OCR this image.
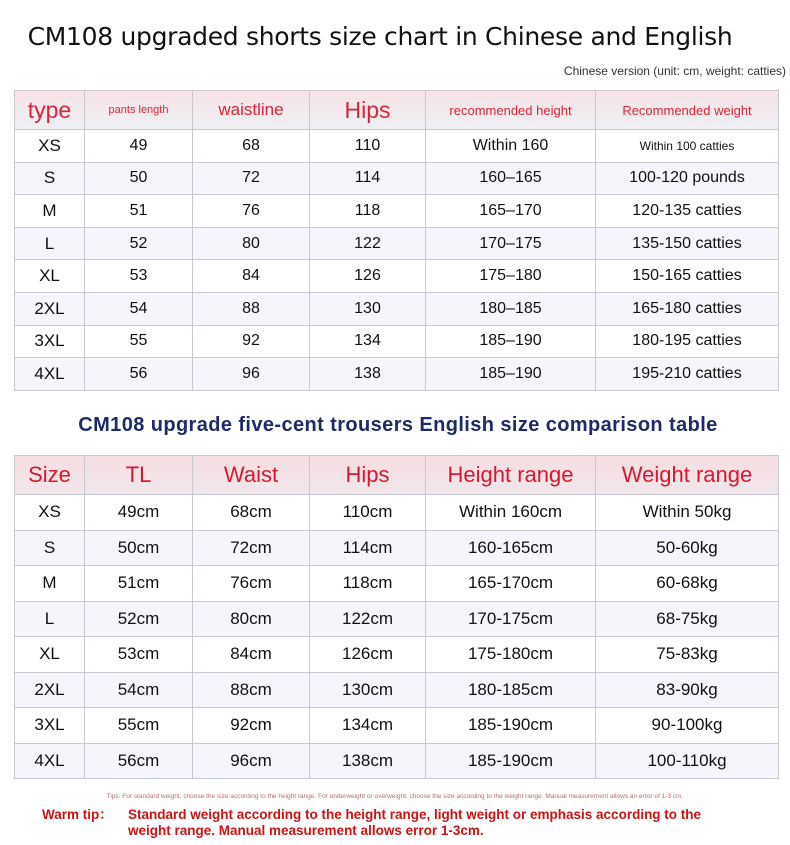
CM108 upgraded shorts size chart in Chinese and English
Chinese version (unit: cm, weight: catties)
type	pants length	waistline	Hips	recommended height	Recommended weight
XS	49	68	110	Within 160	Within 100 catties
S	50	72	114	160–165	100-120 pounds
M	51	76	118	165–170	120-135 catties
L	52	80	122	170–175	135-150 catties
XL	53	84	126	175–180	150-165 catties
2XL	54	88	130	180–185	165-180 catties
3XL	55	92	134	185–190	180-195 catties
4XL	56	96	138	185–190	195-210 catties
CM108 upgrade five-cent trousers English size comparison table
Size	TL	Waist	Hips	Height range	Weight range
XS	49cm	68cm	110cm	Within 160cm	Within 50kg
S	50cm	72cm	114cm	160-165cm	50-60kg
M	51cm	76cm	118cm	165-170cm	60-68kg
L	52cm	80cm	122cm	170-175cm	68-75kg
XL	53cm	84cm	126cm	175-180cm	75-83kg
2XL	54cm	88cm	130cm	180-185cm	83-90kg
3XL	55cm	92cm	134cm	185-190cm	90-100kg
4XL	56cm	96cm	138cm	185-190cm	100-110kg
Tips: For standard weight, choose the size according to the height range. For underweight or overweight, choose the size according to the weight range. Manual measurement allows an error of 1-3 cm.
Warm tip： Standard weight according to the height range, light weight or emphasis according to the
weight range. Manual measurement allows error 1-3cm.
